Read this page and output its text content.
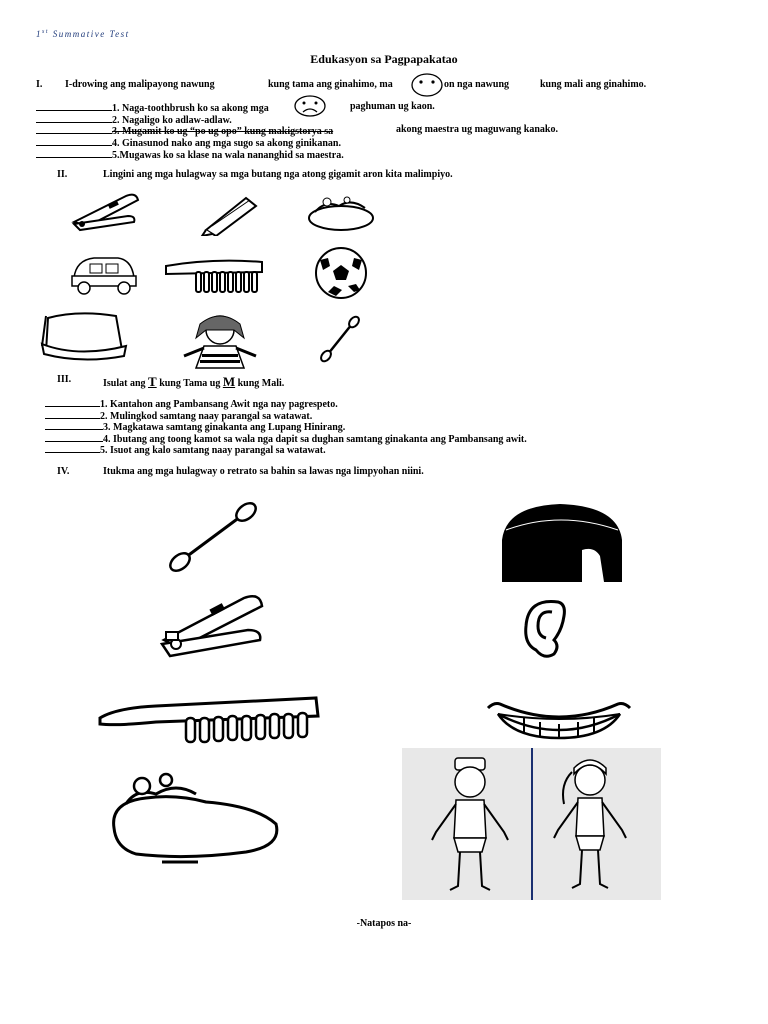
1st Summative Test
Edukasyon sa Pagpapakatao
I. I-drowing ang malipayong nawung	kung tama ang ginahimo, ma	on nga nawung	kung mali ang ginahimo.
1. Naga-toothbrush ko sa akong mga	paghuman ug kaon.
2. Nagaligo ko adlaw-adlaw.
3. Mugamit ko ug “po ug opo” kung makigstorya sa	akong maestra ug maguwang kanako.
4. Ginasunod nako ang mga sugo sa akong ginikanan.
5.Mugawas ko sa klase na wala nananghid sa maestra.
II.	Lingini ang mga hulagway sa mga butang nga atong gigamit aron kita malimpiyo.
III.	Isulat ang T kung Tama ug M kung Mali.
1. Kantahon ang Pambansang Awit nga nay pagrespeto.
2. Mulingkod samtang naay parangal sa watawat.
3. Magkatawa samtang ginakanta ang Lupang Hinirang.
4. Ibutang ang toong kamot sa wala nga dapit sa dughan samtang ginakanta ang Pambansang awit.
5. Isuot ang kalo samtang naay parangal sa watawat.
IV.	Itukma ang mga hulagway o retrato sa bahin sa lawas nga limpyohan niini.
-Natapos na-
